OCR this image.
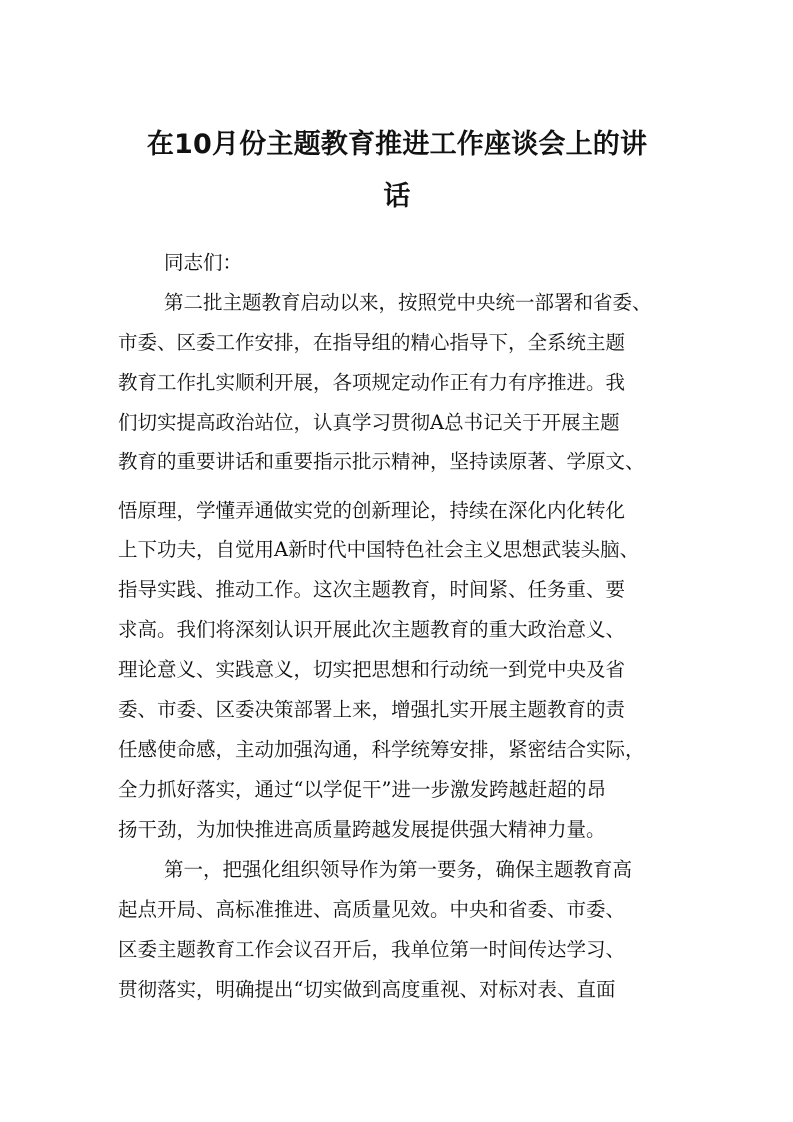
在10月份主题教育推进工作座谈会上的讲
话

同志们：

第二批主题教育启动以来，按照党中央统一部署和省委、

市委、区委工作安排，在指导组的精心指导下，全系统主题

教育工作扎实顺利开展，各项规定动作正有力有序推进。我

们切实提高政治站位，认真学习贯彻A总书记关于开展主题

教育的重要讲话和重要指示批示精神，坚持读原著、学原文、

悟原理，学懂弄通做实党的创新理论，持续在深化内化转化

上下功夫，自觉用A新时代中国特色社会主义思想武装头脑、

指导实践、推动工作。这次主题教育，时间紧、任务重、要

求高。我们将深刻认识开展此次主题教育的重大政治意义、

理论意义、实践意义，切实把思想和行动统一到党中央及省

委、市委、区委决策部署上来，增强扎实开展主题教育的责

任感使命感，主动加强沟通，科学统筹安排，紧密结合实际，

全力抓好落实，通过“以学促干”进一步激发跨越赶超的昂

扬干劲，为加快推进高质量跨越发展提供强大精神力量。

第一，把强化组织领导作为第一要务，确保主题教育高

起点开局、高标准推进、高质量见效。中央和省委、市委、

区委主题教育工作会议召开后，我单位第一时间传达学习、

贯彻落实，明确提出“切实做到高度重视、对标对表、直面
